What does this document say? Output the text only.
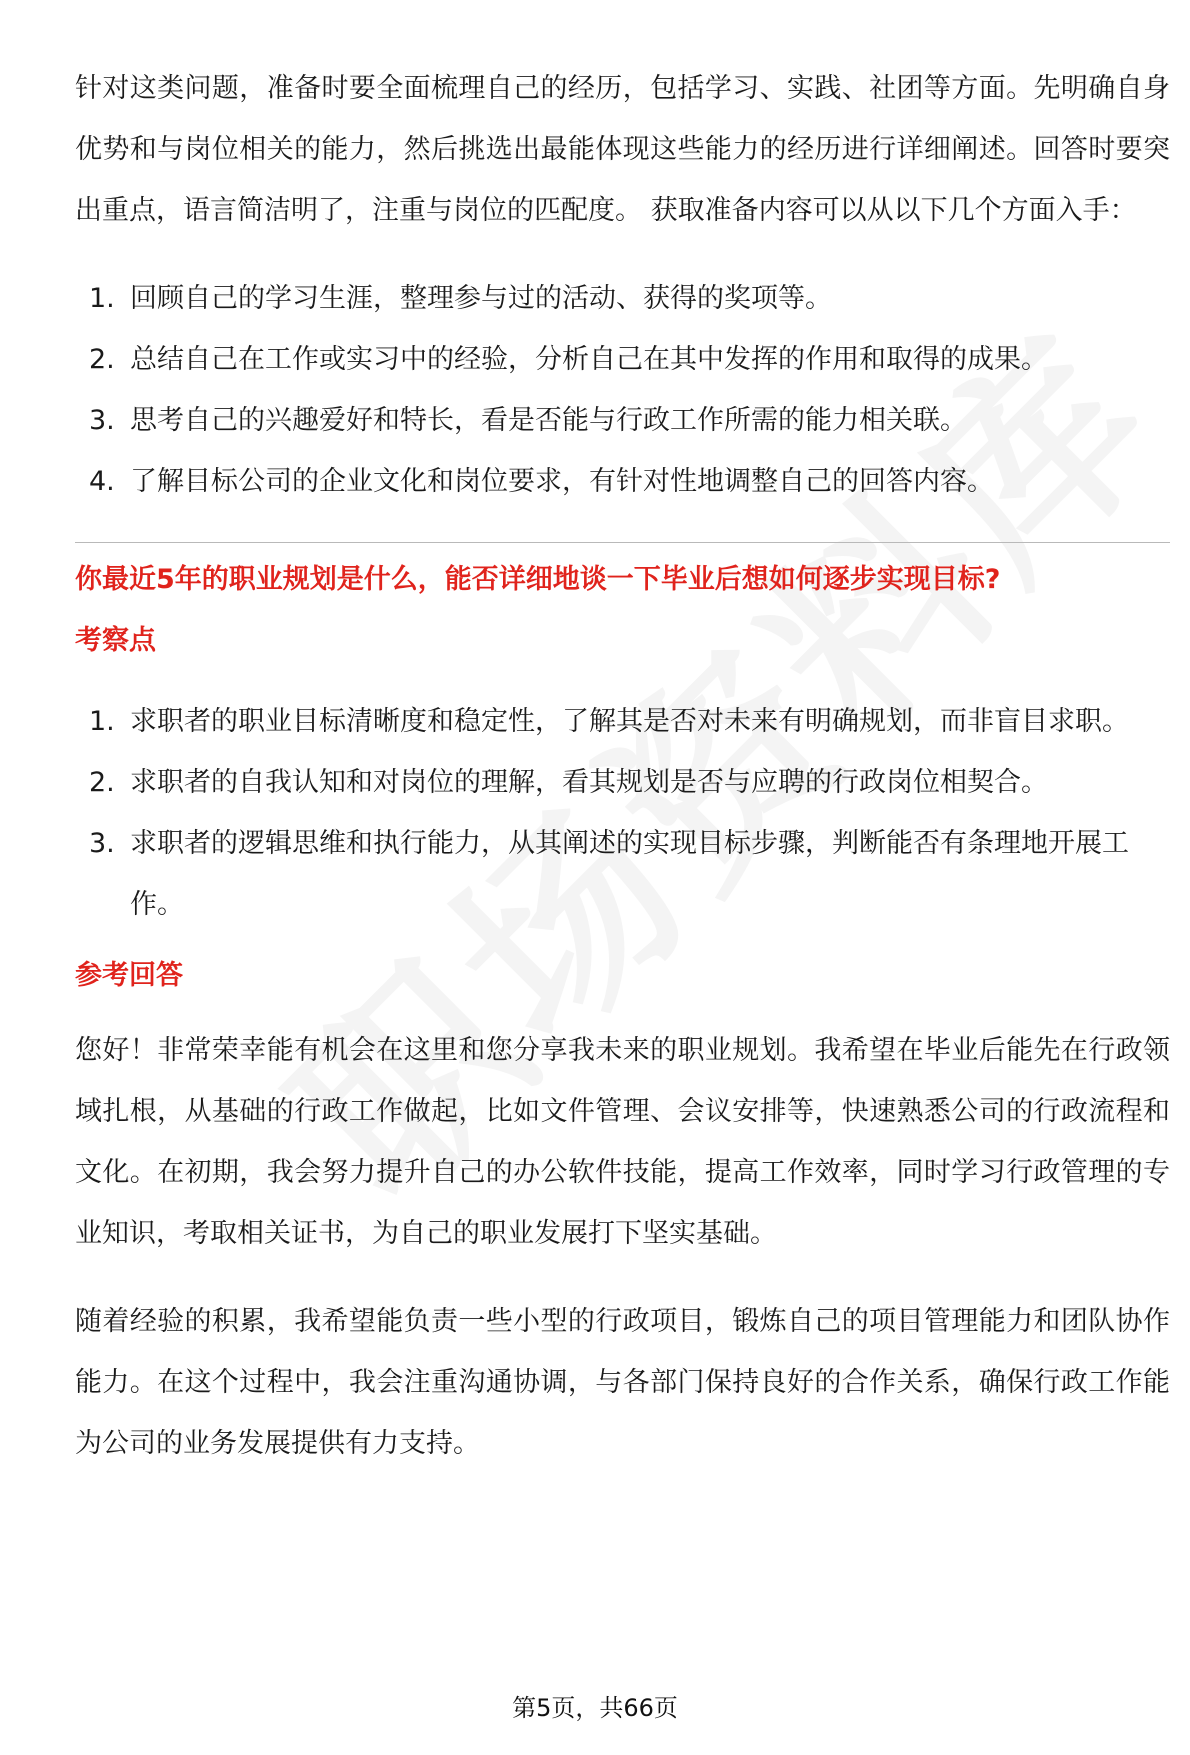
针对这类问题，准备时要全面梳理自己的经历，包括学习、实践、社团等方面。先明确自身优势和与岗位相关的能力，然后挑选出最能体现这些能力的经历进行详细阐述。回答时要突出重点，语言简洁明了，注重与岗位的匹配度。 获取准备内容可以从以下几个方面入手：

1. 回顾自己的学习生涯，整理参与过的活动、获得的奖项等。
2. 总结自己在工作或实习中的经验，分析自己在其中发挥的作用和取得的成果。
3. 思考自己的兴趣爱好和特长，看是否能与行政工作所需的能力相关联。
4. 了解目标公司的企业文化和岗位要求，有针对性地调整自己的回答内容。

你最近5年的职业规划是什么，能否详细地谈一下毕业后想如何逐步实现目标?

考察点

1. 求职者的职业目标清晰度和稳定性，了解其是否对未来有明确规划，而非盲目求职。
2. 求职者的自我认知和对岗位的理解，看其规划是否与应聘的行政岗位相契合。
3. 求职者的逻辑思维和执行能力，从其阐述的实现目标步骤，判断能否有条理地开展工作。

参考回答

您好！非常荣幸能有机会在这里和您分享我未来的职业规划。我希望在毕业后能先在行政领域扎根，从基础的行政工作做起，比如文件管理、会议安排等，快速熟悉公司的行政流程和文化。在初期，我会努力提升自己的办公软件技能，提高工作效率，同时学习行政管理的专业知识，考取相关证书，为自己的职业发展打下坚实基础。

随着经验的积累，我希望能负责一些小型的行政项目，锻炼自己的项目管理能力和团队协作能力。在这个过程中，我会注重沟通协调，与各部门保持良好的合作关系，确保行政工作能为公司的业务发展提供有力支持。

第5页，共66页
